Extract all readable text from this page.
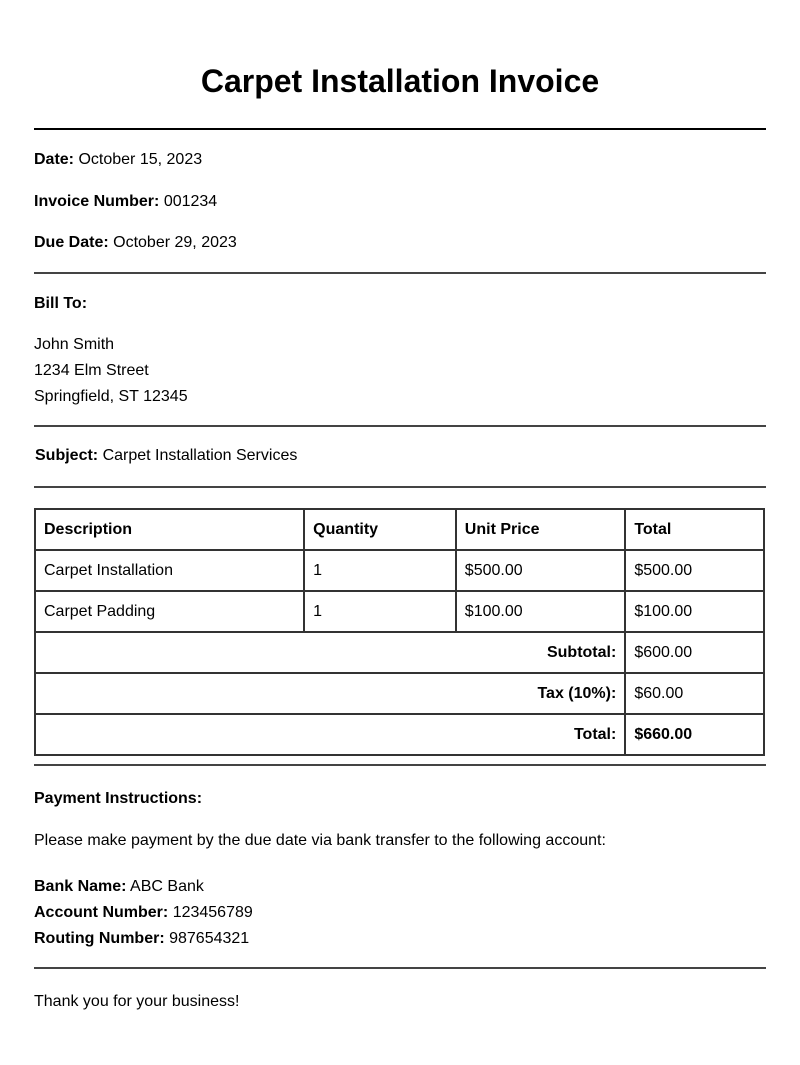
Carpet Installation Invoice

Date: October 15, 2023

Invoice Number: 001234

Due Date: October 29, 2023

Bill To:
John Smith
1234 Elm Street
Springfield, ST 12345
Subject: Carpet Installation Services
Description	Quantity	Unit Price	Total
Carpet Installation	1	$500.00	$500.00
Carpet Padding	1	$100.00	$100.00
Subtotal:			$600.00
Tax (10%):			$60.00
Total:			$660.00
Payment Instructions:
Please make payment by the due date via bank transfer to the following account:
Bank Name: ABC Bank
Account Number: 123456789
Routing Number: 987654321
Thank you for your business!
